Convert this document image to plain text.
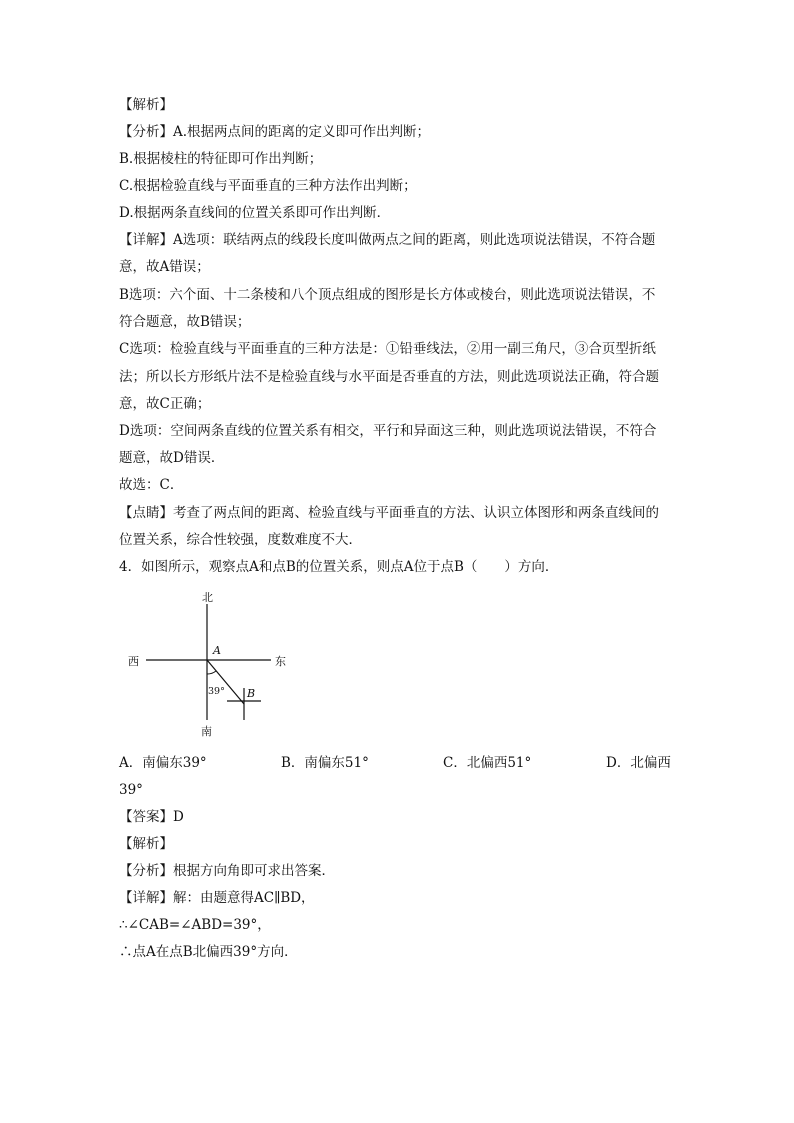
【解析】
【分析】A.根据两点间的距离的定义即可作出判断；
B.根据棱柱的特征即可作出判断；
C.根据检验直线与平面垂直的三种方法作出判断；
D.根据两条直线间的位置关系即可作出判断．
【详解】A选项：联结两点的线段长度叫做两点之间的距离，则此选项说法错误，不符合题
意，故A错误；
B选项：六个面、十二条棱和八个顶点组成的图形是长方体或棱台，则此选项说法错误，不
符合题意，故B错误；
C选项：检验直线与平面垂直的三种方法是：①铅垂线法，②用一副三角尺，③合页型折纸
法；所以长方形纸片法不是检验直线与水平面是否垂直的方法，则此选项说法正确，符合题
意，故C正确；
D选项：空间两条直线的位置关系有相交，平行和异面这三种，则此选项说法错误，不符合
题意，故D错误．
故选：C．
【点睛】考查了两点间的距离、检验直线与平面垂直的方法、认识立体图形和两条直线间的
位置关系，综合性较强，度数难度不大．
4．如图所示，观察点A和点B的位置关系，则点A位于点B（　　）方向．
北
南
西	东
A
B
39°
A．南偏东39°	B．南偏东51°	C．北偏西51°	D．北偏西
39°
【答案】D
【解析】
【分析】根据方向角即可求出答案．
【详解】解：由题意得AC∥BD，
∴∠CAB=∠ABD=39°，
∴点A在点B北偏西39°方向．
